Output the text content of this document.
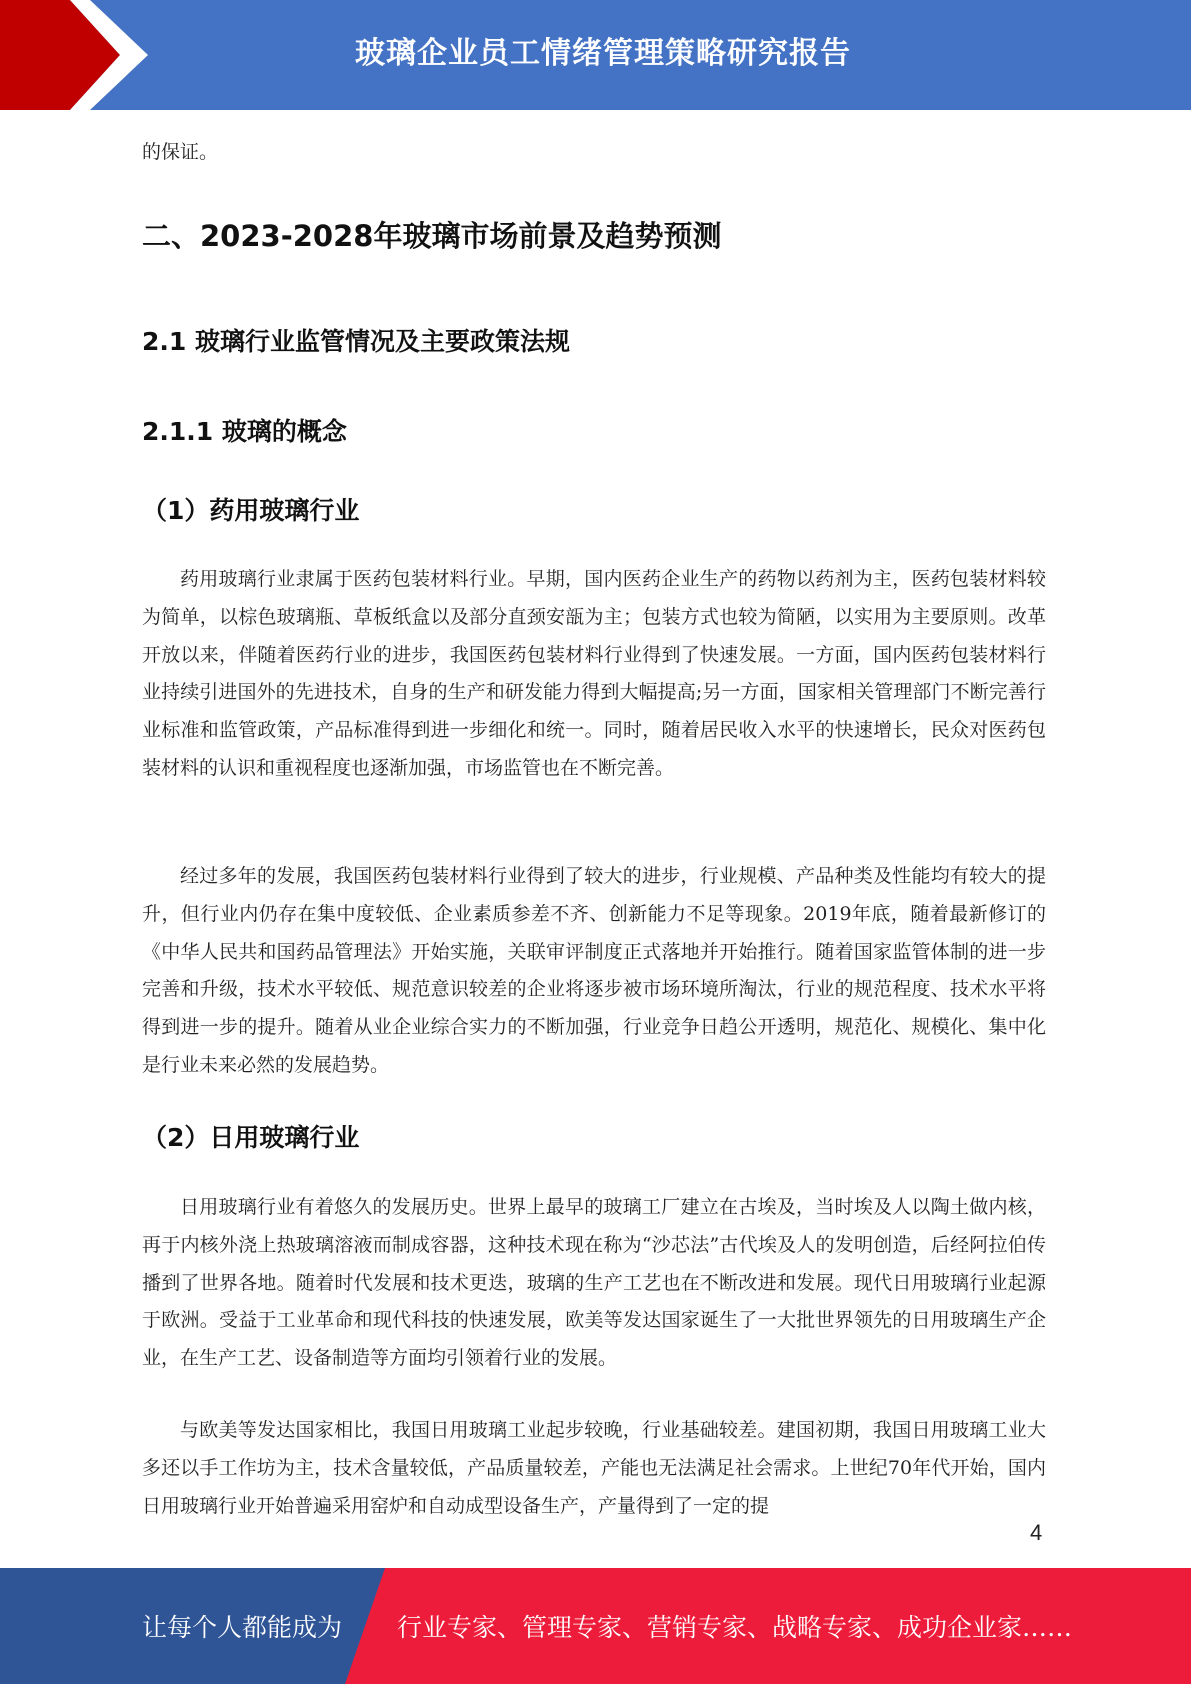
玻璃企业员工情绪管理策略研究报告
的保证。
二、2023-2028年玻璃市场前景及趋势预测
2.1 玻璃行业监管情况及主要政策法规
2.1.1 玻璃的概念
（1）药用玻璃行业
药用玻璃行业隶属于医药包装材料行业。早期，国内医药企业生产的药物以药剂为主，医药包装材料较为简单，以棕色玻璃瓶、草板纸盒以及部分直颈安瓿为主；包装方式也较为简陋，以实用为主要原则。改革开放以来，伴随着医药行业的进步，我国医药包装材料行业得到了快速发展。一方面，国内医药包装材料行业持续引进国外的先进技术，自身的生产和研发能力得到大幅提高;另一方面，国家相关管理部门不断完善行业标准和监管政策，产品标准得到进一步细化和统一。同时，随着居民收入水平的快速增长，民众对医药包装材料的认识和重视程度也逐渐加强，市场监管也在不断完善。
经过多年的发展，我国医药包装材料行业得到了较大的进步，行业规模、产品种类及性能均有较大的提升，但行业内仍存在集中度较低、企业素质参差不齐、创新能力不足等现象。2019年底，随着最新修订的《中华人民共和国药品管理法》开始实施，关联审评制度正式落地并开始推行。随着国家监管体制的进一步完善和升级，技术水平较低、规范意识较差的企业将逐步被市场环境所淘汰，行业的规范程度、技术水平将得到进一步的提升。随着从业企业综合实力的不断加强，行业竞争日趋公开透明，规范化、规模化、集中化是行业未来必然的发展趋势。
（2）日用玻璃行业
日用玻璃行业有着悠久的发展历史。世界上最早的玻璃工厂建立在古埃及，当时埃及人以陶土做内核，再于内核外浇上热玻璃溶液而制成容器，这种技术现在称为“沙芯法”古代埃及人的发明创造，后经阿拉伯传播到了世界各地。随着时代发展和技术更迭，玻璃的生产工艺也在不断改进和发展。现代日用玻璃行业起源于欧洲。受益于工业革命和现代科技的快速发展，欧美等发达国家诞生了一大批世界领先的日用玻璃生产企业，在生产工艺、设备制造等方面均引领着行业的发展。
与欧美等发达国家相比，我国日用玻璃工业起步较晚，行业基础较差。建国初期，我国日用玻璃工业大多还以手工作坊为主，技术含量较低，产品质量较差，产能也无法满足社会需求。上世纪70年代开始，国内日用玻璃行业开始普遍采用窑炉和自动成型设备生产，产量得到了一定的提
4
让每个人都能成为 行业专家、管理专家、营销专家、战略专家、成功企业家……
